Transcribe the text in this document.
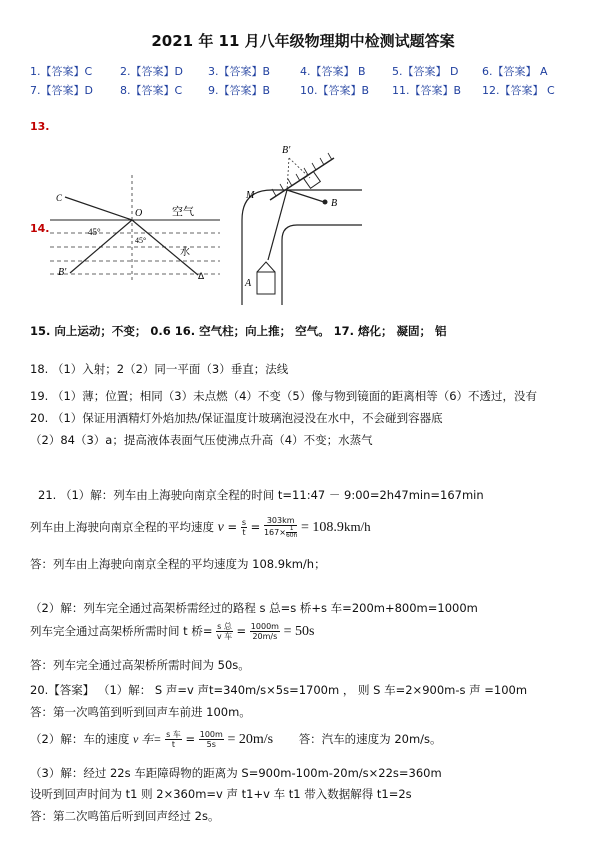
2021 年 11 月八年级物理期中检测试题答案
1.【答案】C	2.【答案】D 3.【答案】B	4.【答案】 B 5.【答案】 D 6.【答案】 A
7.【答案】D 8.【答案】C 9.【答案】B	10.【答案】B 11.【答案】B 12.【答案】 C
13.
14.
C
O	空气
水
45°
45°
B'	Δ
B'
B
M
A
15. 向上运动；不变； 0.6 16. 空气柱；向上推； 空气。 17. 熔化； 凝固； 铝
18. （1）入射；2（2）同一平面（3）垂直；法线
19. （1）薄；位置；相同（3）未点燃（4）不变（5）像与物到镜面的距离相等（6）不透过，没有
20. （1）保证用酒精灯外焰加热/保证温度计玻璃泡浸没在水中，不会碰到容器底
（2）84（3）a；提高液体表面气压使沸点升高（4）不变；水蒸气
21. （1）解：列车由上海驶向南京全程的时间 t=11:47 － 9:00=2h47min=167min
列车由上海驶向南京全程的平均速度 $v = \frac{s}{t} = \frac{303km}{167\times \frac{1}{60h}} = 108.9km/h$
答：列车由上海驶向南京全程的平均速度为 108.9km/h；
（2）解：列车完全通过高架桥需经过的路程 s 总=s 桥+s 车=200m+800m=1000m
列车完全通过高架桥所需时间 t 桥= $\frac{\text{s 总}}{\text{v 车}} = \frac{1000m}{20m/s} = 50s$
答：列车完全通过高架桥所需时间为 50s。
20.【答案】 （1）解： S 声=v 声t=340m/s×5s=1700m ， 则 S 车=2×900m-s 声 =100m
答：第一次鸣笛到听到回声车前进 100m。
（2）解：车的速度 v 车= $\frac{\text{s 车}}{t} = \frac{100m}{5s} = 20m/s$ 答：汽车的速度为 20m/s。
（3）解：经过 22s 车距障碍物的距离为 S=900m-100m-20m/s×22s=360m
设听到回声时间为 t1 则 2×360m=v 声 t1+v 车 t1 带入数据解得 t1=2s
答：第二次鸣笛后听到回声经过 2s。
